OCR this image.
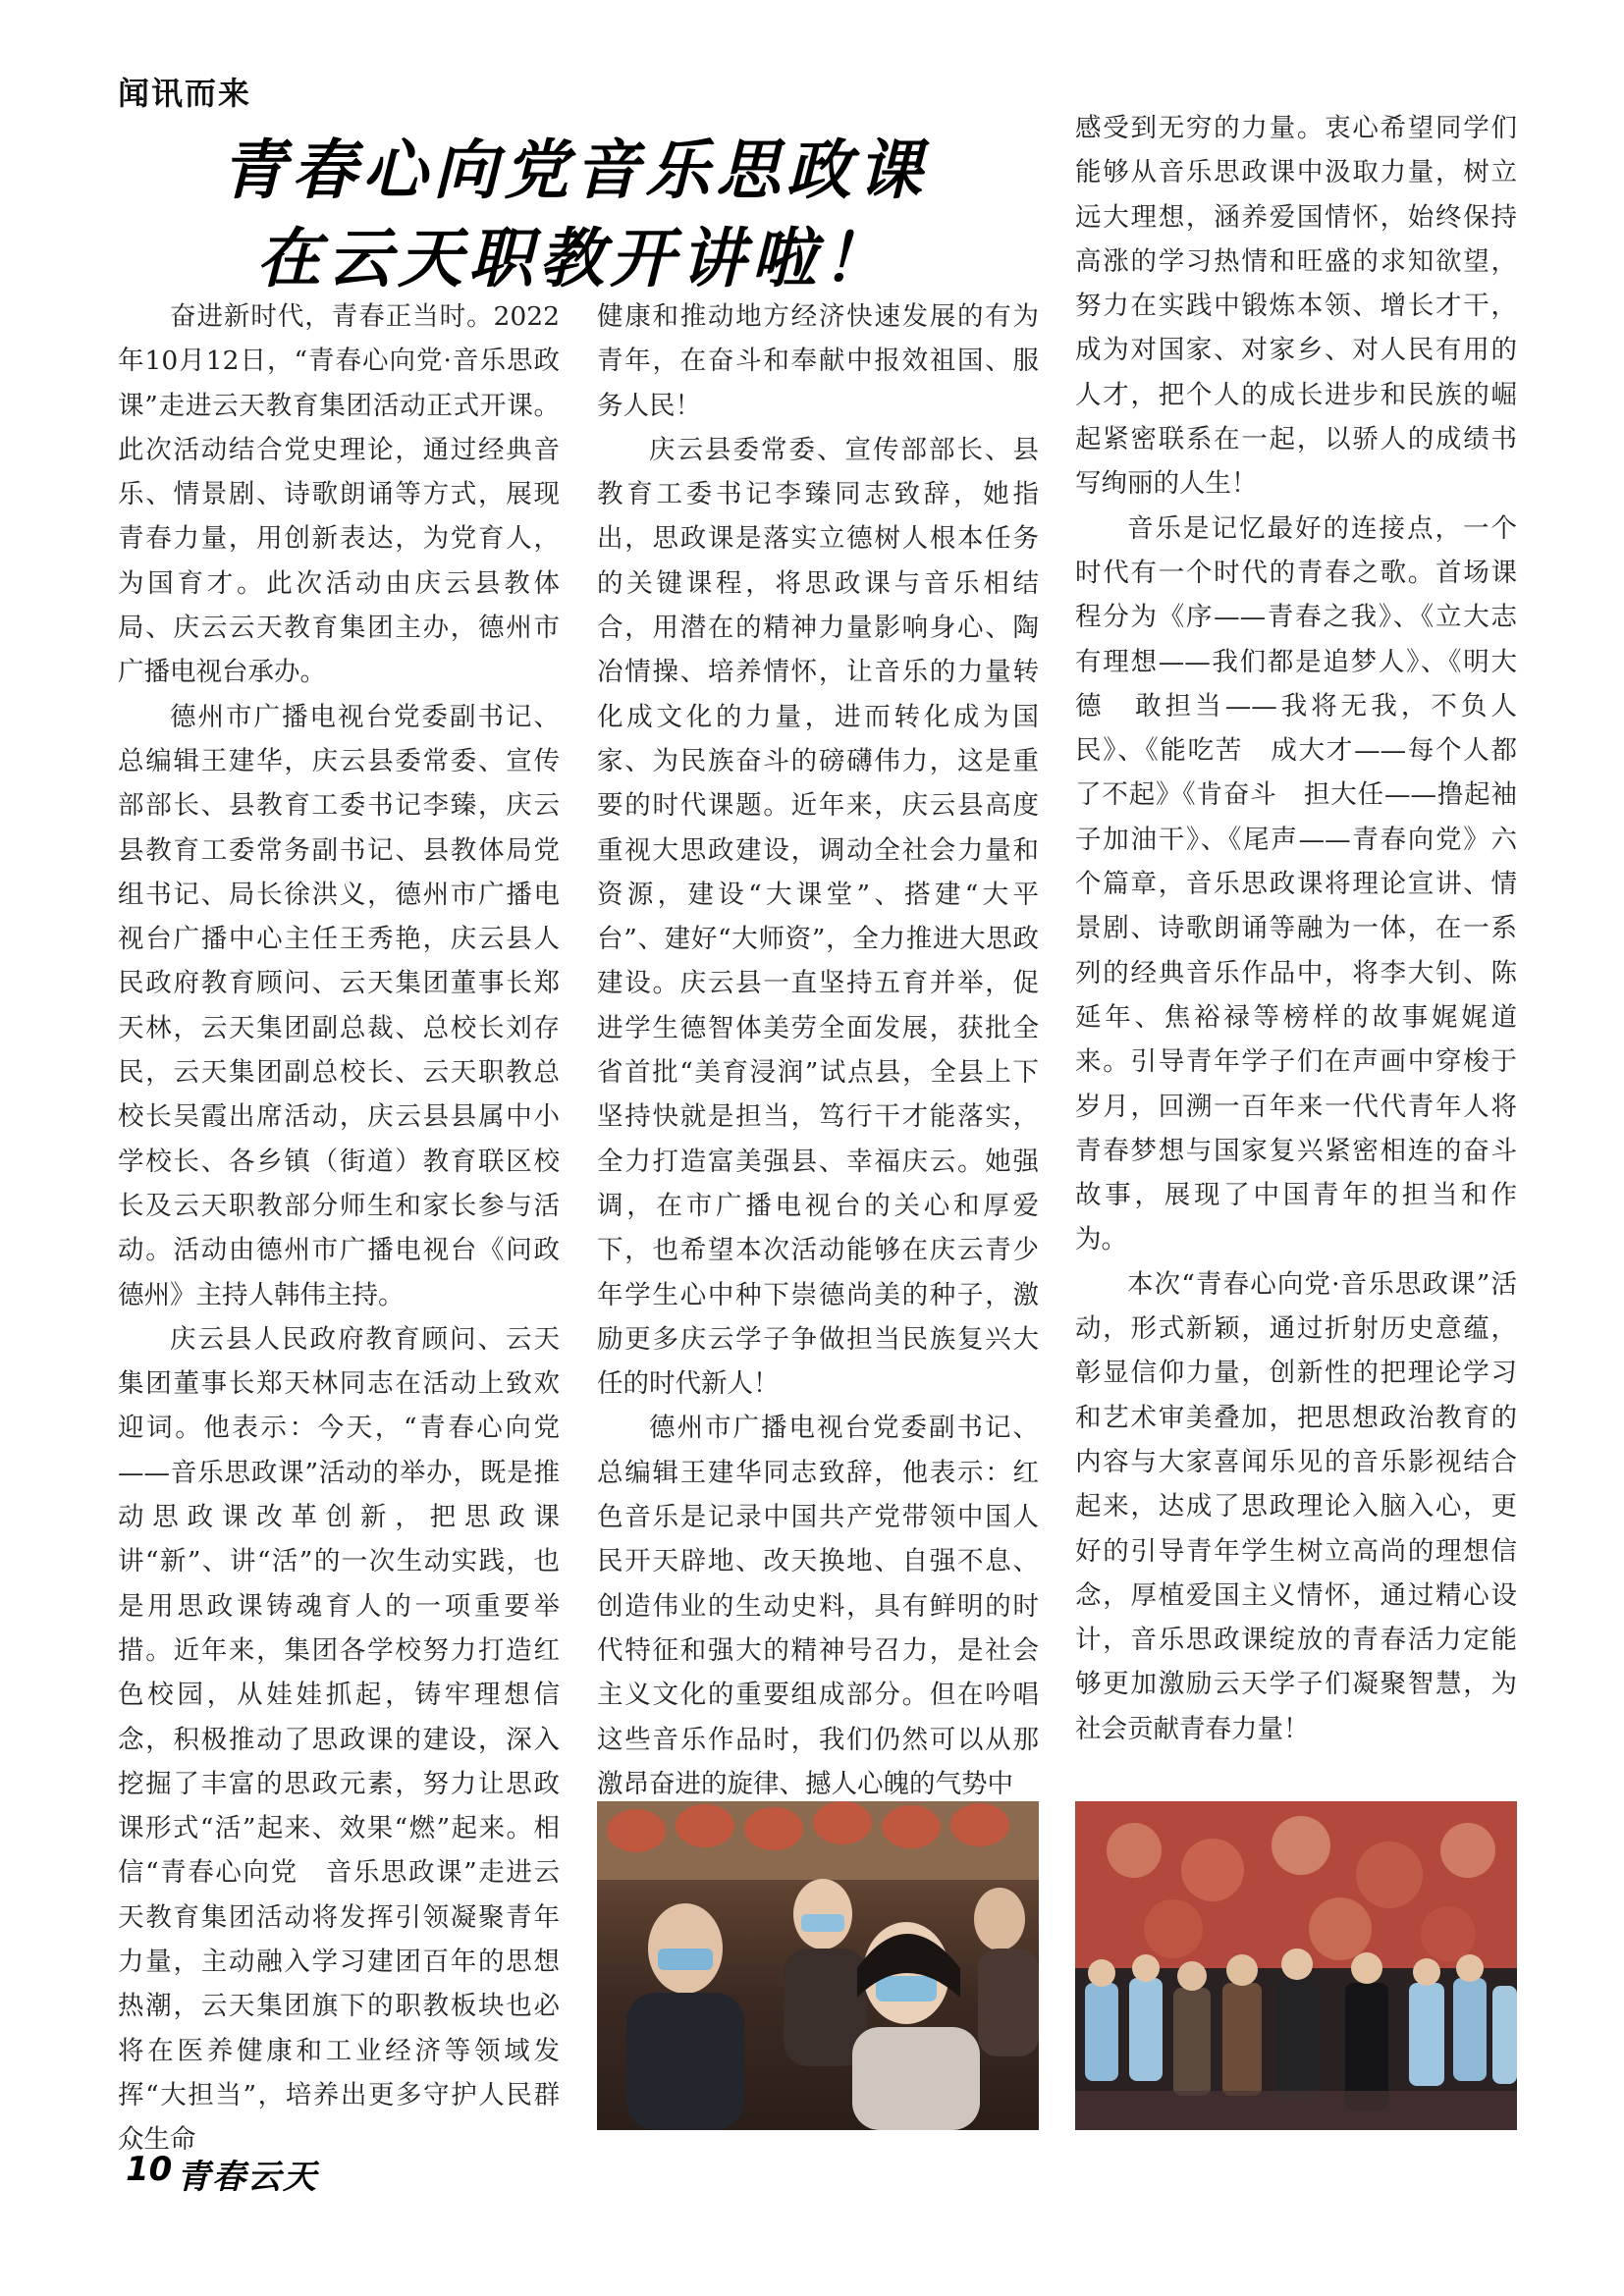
闻讯而来
青春心向党音乐思政课
在云天职教开讲啦！

奋进新时代，青春正当时。2022年10月12日，“青春心向党·音乐思政课”走进云天教育集团活动正式开课。此次活动结合党史理论，通过经典音乐、情景剧、诗歌朗诵等方式，展现青春力量，用创新表达，为党育人，为国育才。此次活动由庆云县教体局、庆云云天教育集团主办，德州市广播电视台承办。

德州市广播电视台党委副书记、总编辑王建华，庆云县委常委、宣传部部长、县教育工委书记李臻，庆云县教育工委常务副书记、县教体局党组书记、局长徐洪义，德州市广播电视台广播中心主任王秀艳，庆云县人民政府教育顾问、云天集团董事长郑天林，云天集团副总裁、总校长刘存民，云天集团副总校长、云天职教总校长吴霞出席活动，庆云县县属中小学校长、各乡镇（街道）教育联区校长及云天职教部分师生和家长参与活动。活动由德州市广播电视台《问政德州》主持人韩伟主持。

庆云县人民政府教育顾问、云天集团董事长郑天林同志在活动上致欢迎词。他表示：今天，“青春心向党——音乐思政课”活动的举办，既是推动思政课改革创新，把思政课讲“新”、讲“活”的一次生动实践，也是用思政课铸魂育人的一项重要举措。近年来，集团各学校努力打造红色校园，从娃娃抓起，铸牢理想信念，积极推动了思政课的建设，深入挖掘了丰富的思政元素，努力让思政课形式“活”起来、效果“燃”起来。相信“青春心向党　音乐思政课”走进云天教育集团活动将发挥引领凝聚青年力量，主动融入学习建团百年的思想热潮，云天集团旗下的职教板块也必将在医养健康和工业经济等领域发挥“大担当”，培养出更多守护人民群众生命

健康和推动地方经济快速发展的有为青年，在奋斗和奉献中报效祖国、服务人民！

庆云县委常委、宣传部部长、县教育工委书记李臻同志致辞，她指出，思政课是落实立德树人根本任务的关键课程，将思政课与音乐相结合，用潜在的精神力量影响身心、陶冶情操、培养情怀，让音乐的力量转化成文化的力量，进而转化成为国家、为民族奋斗的磅礴伟力，这是重要的时代课题。近年来，庆云县高度重视大思政建设，调动全社会力量和资源，建设“大课堂”、搭建“大平台”、建好“大师资”，全力推进大思政建设。庆云县一直坚持五育并举，促进学生德智体美劳全面发展，获批全省首批“美育浸润”试点县，全县上下坚持快就是担当，笃行干才能落实，全力打造富美强县、幸福庆云。她强调，在市广播电视台的关心和厚爱下，也希望本次活动能够在庆云青少年学生心中种下崇德尚美的种子，激励更多庆云学子争做担当民族复兴大任的时代新人！

德州市广播电视台党委副书记、总编辑王建华同志致辞，他表示：红色音乐是记录中国共产党带领中国人民开天辟地、改天换地、自强不息、创造伟业的生动史料，具有鲜明的时代特征和强大的精神号召力，是社会主义文化的重要组成部分。但在吟唱这些音乐作品时，我们仍然可以从那激昂奋进的旋律、撼人心魄的气势中

感受到无穷的力量。衷心希望同学们能够从音乐思政课中汲取力量，树立远大理想，涵养爱国情怀，始终保持高涨的学习热情和旺盛的求知欲望，努力在实践中锻炼本领、增长才干，成为对国家、对家乡、对人民有用的人才，把个人的成长进步和民族的崛起紧密联系在一起，以骄人的成绩书写绚丽的人生！

音乐是记忆最好的连接点，一个时代有一个时代的青春之歌。首场课程分为《序——青春之我》、《立大志　有理想——我们都是追梦人》、《明大德　敢担当——我将无我，不负人民》、《能吃苦　成大才——每个人都了不起》《肯奋斗　担大任——撸起袖子加油干》、《尾声——青春向党》六个篇章，音乐思政课将理论宣讲、情景剧、诗歌朗诵等融为一体，在一系列的经典音乐作品中，将李大钊、陈延年、焦裕禄等榜样的故事娓娓道来。引导青年学子们在声画中穿梭于岁月，回溯一百年来一代代青年人将青春梦想与国家复兴紧密相连的奋斗故事，展现了中国青年的担当和作为。

本次“青春心向党·音乐思政课”活动，形式新颖，通过折射历史意蕴，彰显信仰力量，创新性的把理论学习和艺术审美叠加，把思想政治教育的内容与大家喜闻乐见的音乐影视结合起来，达成了思政理论入脑入心，更好的引导青年学生树立高尚的理想信念，厚植爱国主义情怀，通过精心设计，音乐思政课绽放的青春活力定能够更加激励云天学子们凝聚智慧，为社会贡献青春力量！

10 青春云天
